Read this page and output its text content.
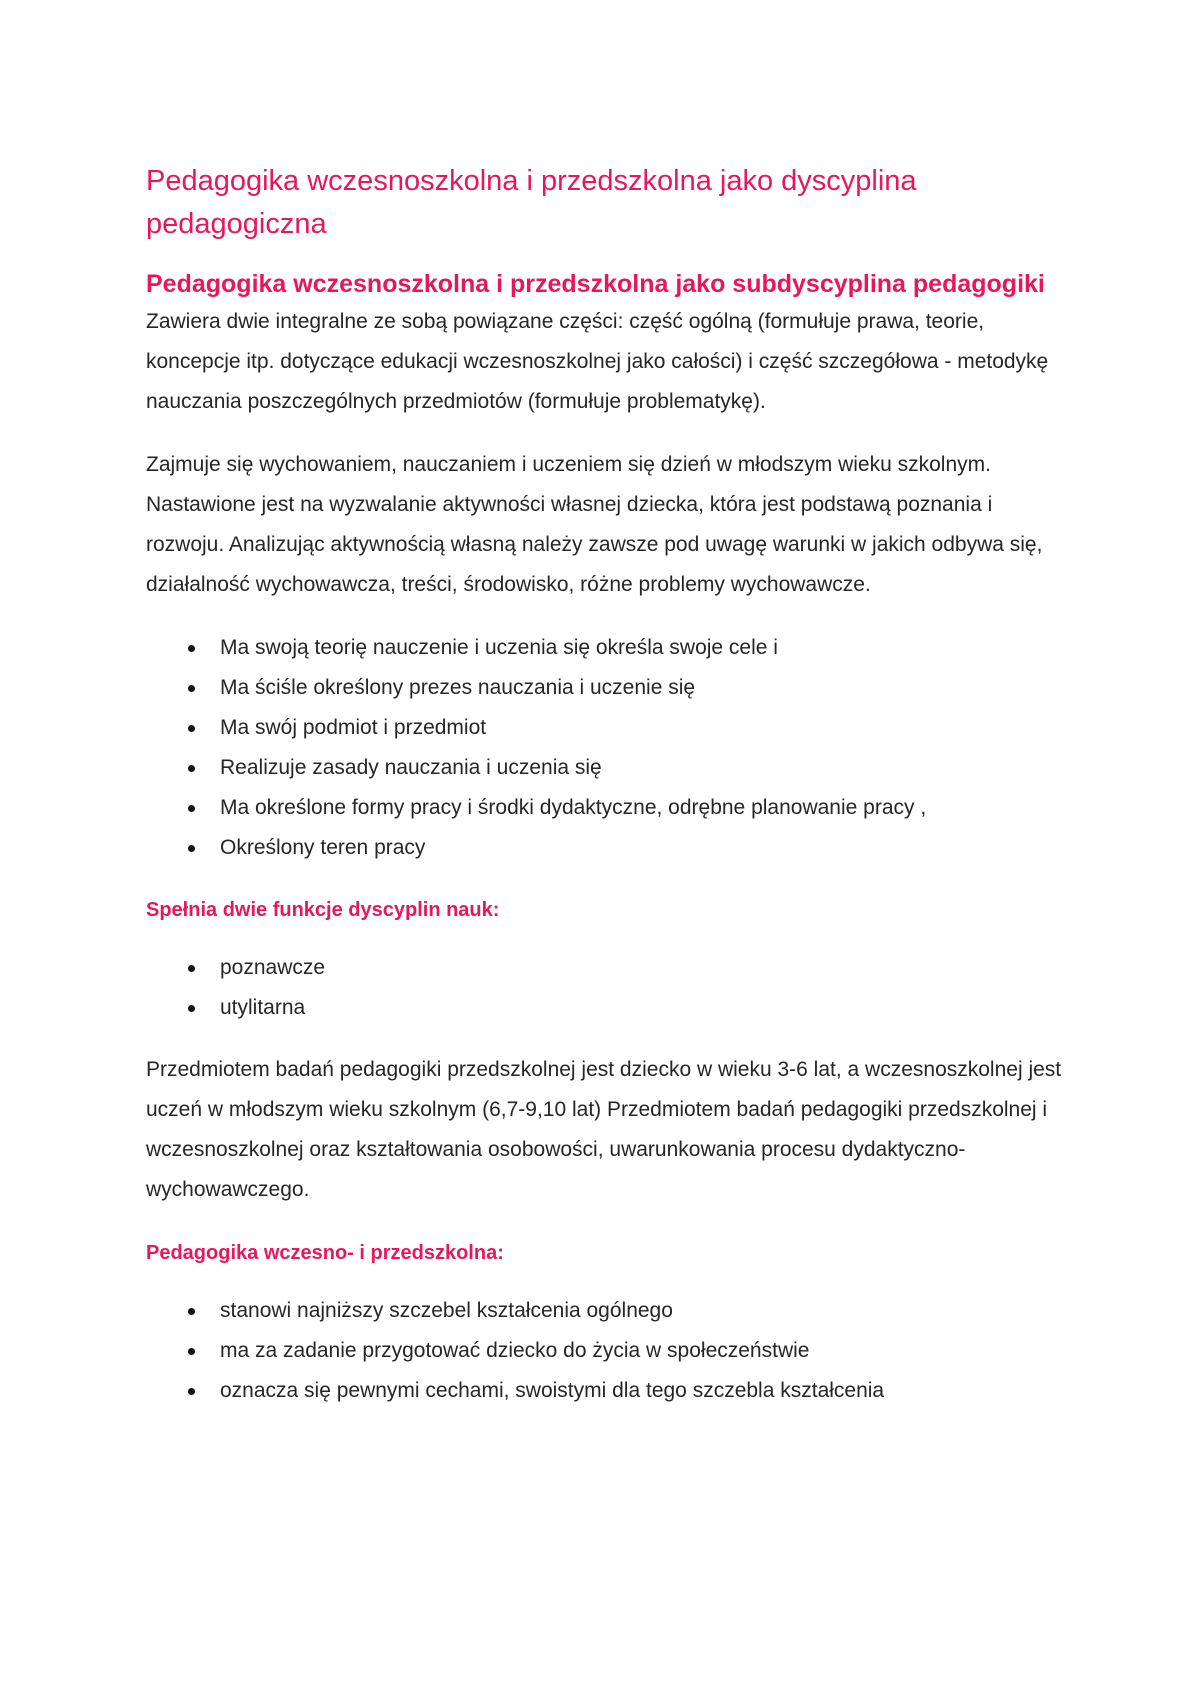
Pedagogika wczesnoszkolna i przedszkolna jako dyscyplina pedagogiczna
Pedagogika wczesnoszkolna i przedszkolna jako subdyscyplina pedagogiki

Zawiera dwie integralne ze sobą powiązane części: część ogólną (formułuje prawa, teorie, koncepcje itp. dotyczące edukacji wczesnoszkolnej jako całości) i część szczegółowa - metodykę nauczania poszczególnych przedmiotów (formułuje problematykę).

Zajmuje się wychowaniem, nauczaniem i uczeniem się dzień w młodszym wieku szkolnym. Nastawione jest na wyzwalanie aktywności własnej dziecka, która jest podstawą poznania i rozwoju. Analizując aktywnością własną należy zawsze pod uwagę warunki w jakich odbywa się, działalność wychowawcza, treści, środowisko, różne problemy wychowawcze.

Ma swoją teorię nauczenie i uczenia się określa swoje cele i
Ma ściśle określony prezes nauczania i uczenie się
Ma swój podmiot i przedmiot
Realizuje zasady nauczania i uczenia się
Ma określone formy pracy i środki dydaktyczne, odrębne planowanie pracy ,
Określony teren pracy
Spełnia dwie funkcje dyscyplin nauk:
poznawcze
utylitarna

Przedmiotem badań pedagogiki przedszkolnej jest dziecko w wieku 3-6 lat, a wczesnoszkolnej jest uczeń w młodszym wieku szkolnym (6,7-9,10 lat) Przedmiotem badań pedagogiki przedszkolnej i wczesnoszkolnej oraz kształtowania osobowości, uwarunkowania procesu dydaktyczno-wychowawczego.

Pedagogika wczesno- i przedszkolna:
stanowi najniższy szczebel kształcenia ogólnego
ma za zadanie przygotować dziecko do życia w społeczeństwie
oznacza się pewnymi cechami, swoistymi dla tego szczebla kształcenia
